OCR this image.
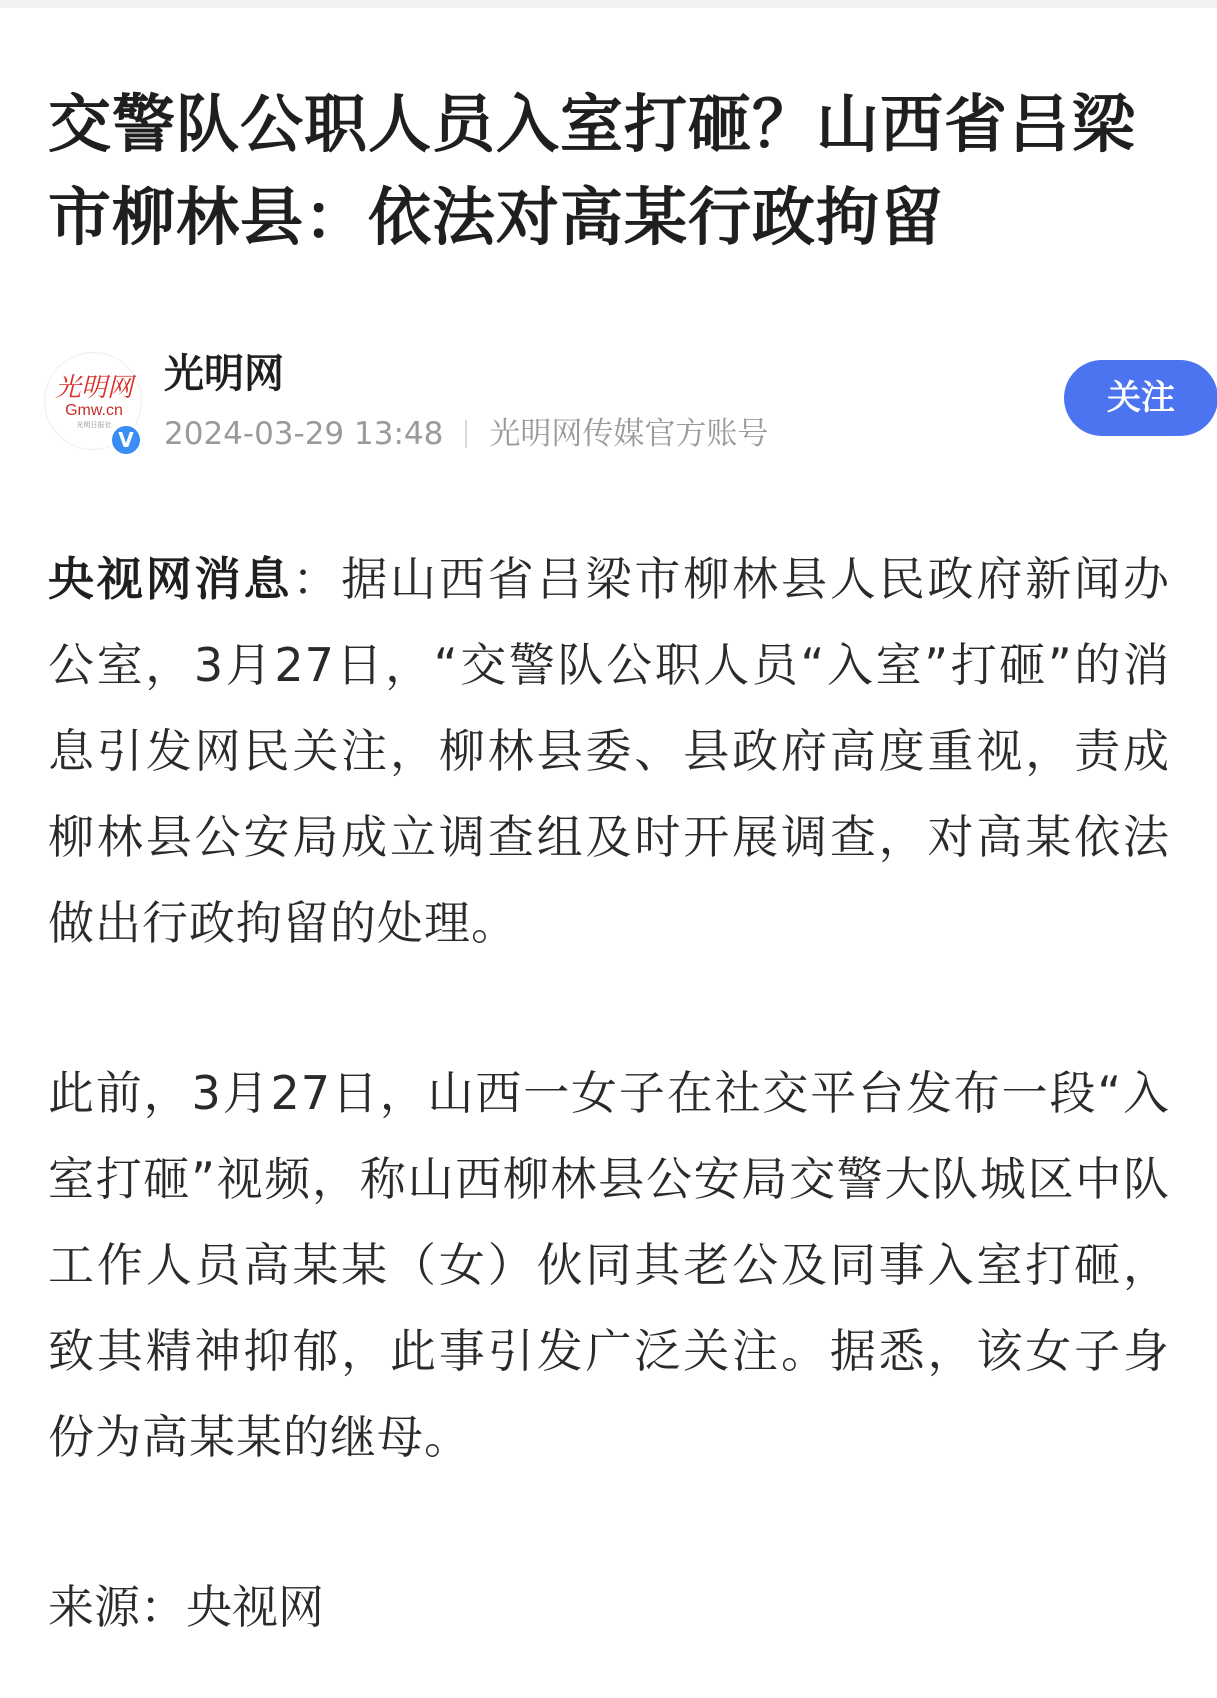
交警队公职人员入室打砸？山西省吕梁市柳林县：依法对高某行政拘留
光明网
Gmw.cn
光明日报社
V
光明网
2024-03-29 13:48 光明网传媒官方账号
关注

央视网消息：据山西省吕梁市柳林县人民政府新闻办公室，3月27日，“交警队公职人员“入室”打砸”的消息引发网民关注，柳林县委、县政府高度重视，责成柳林县公安局成立调查组及时开展调查，对高某依法做出行政拘留的处理。

此前，3月27日，山西一女子在社交平台发布一段“入室打砸”视频，称山西柳林县公安局交警大队城区中队工作人员高某某（女）伙同其老公及同事入室打砸，致其精神抑郁，此事引发广泛关注。据悉，该女子身份为高某某的继母。

来源：央视网
